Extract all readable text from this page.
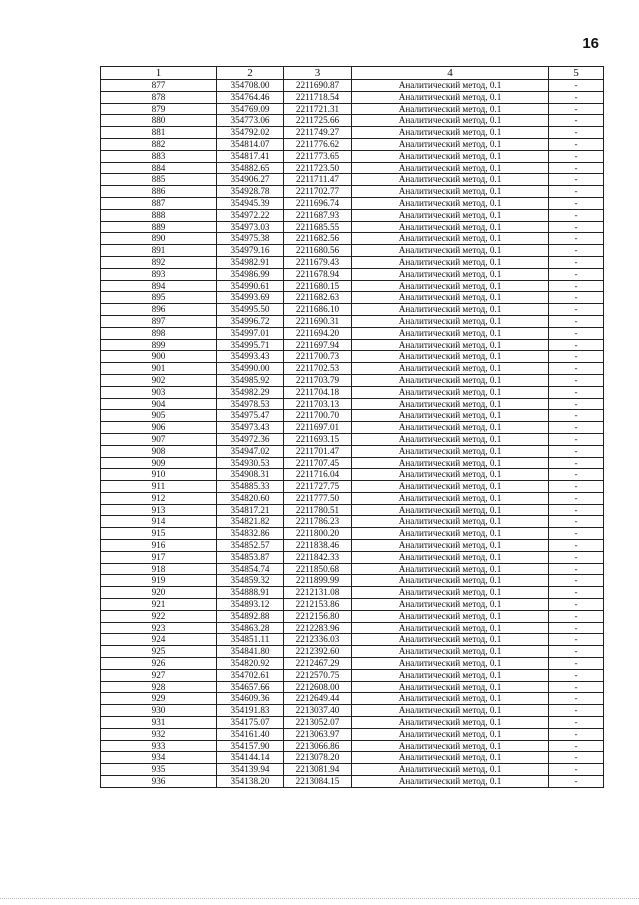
16
1	2	3	4	5
877	354708.00	2211690.87	Аналитический метод, 0.1	-
878	354764.46	2211718.54	Аналитический метод, 0.1	-
879	354769.09	2211721.31	Аналитический метод, 0.1	-
880	354773.06	2211725.66	Аналитический метод, 0.1	-
881	354792.02	2211749.27	Аналитический метод, 0.1	-
882	354814.07	2211776.62	Аналитический метод, 0.1	-
883	354817.41	2211773.65	Аналитический метод, 0.1	-
884	354882.65	2211723.50	Аналитический метод, 0.1	-
885	354906.27	2211711.47	Аналитический метод, 0.1	-
886	354928.78	2211702.77	Аналитический метод, 0.1	-
887	354945.39	2211696.74	Аналитический метод, 0.1	-
888	354972.22	2211687.93	Аналитический метод, 0.1	-
889	354973.03	2211685.55	Аналитический метод, 0.1	-
890	354975.38	2211682.56	Аналитический метод, 0.1	-
891	354979.16	2211680.56	Аналитический метод, 0.1	-
892	354982.91	2211679.43	Аналитический метод, 0.1	-
893	354986.99	2211678.94	Аналитический метод, 0.1	-
894	354990.61	2211680.15	Аналитический метод, 0.1	-
895	354993.69	2211682.63	Аналитический метод, 0.1	-
896	354995.50	2211686.10	Аналитический метод, 0.1	-
897	354996.72	2211690.31	Аналитический метод, 0.1	-
898	354997.01	2211694.20	Аналитический метод, 0.1	-
899	354995.71	2211697.94	Аналитический метод, 0.1	-
900	354993.43	2211700.73	Аналитический метод, 0.1	-
901	354990.00	2211702.53	Аналитический метод, 0.1	-
902	354985.92	2211703.79	Аналитический метод, 0.1	-
903	354982.29	2211704.18	Аналитический метод, 0.1	-
904	354978.53	2211703.13	Аналитический метод, 0.1	-
905	354975.47	2211700.70	Аналитический метод, 0.1	-
906	354973.43	2211697.01	Аналитический метод, 0.1	-
907	354972.36	2211693.15	Аналитический метод, 0.1	-
908	354947.02	2211701.47	Аналитический метод, 0.1	-
909	354930.53	2211707.45	Аналитический метод, 0.1	-
910	354908.31	2211716.04	Аналитический метод, 0.1	-
911	354885.33	2211727.75	Аналитический метод, 0.1	-
912	354820.60	2211777.50	Аналитический метод, 0.1	-
913	354817.21	2211780.51	Аналитический метод, 0.1	-
914	354821.82	2211786.23	Аналитический метод, 0.1	-
915	354832.86	2211800.20	Аналитический метод, 0.1	-
916	354852.57	2211838.46	Аналитический метод, 0.1	-
917	354853.87	2211842.33	Аналитический метод, 0.1	-
918	354854.74	2211850.68	Аналитический метод, 0.1	-
919	354859.32	2211899.99	Аналитический метод, 0.1	-
920	354888.91	2212131.08	Аналитический метод, 0.1	-
921	354893.12	2212153.86	Аналитический метод, 0.1	-
922	354892.88	2212156.80	Аналитический метод, 0.1	-
923	354863.28	2212283.96	Аналитический метод, 0.1	-
924	354851.11	2212336.03	Аналитический метод, 0.1	-
925	354841.80	2212392.60	Аналитический метод, 0.1	-
926	354820.92	2212467.29	Аналитический метод, 0.1	-
927	354702.61	2212570.75	Аналитический метод, 0.1	-
928	354657.66	2212608.00	Аналитический метод, 0.1	-
929	354609.36	2212649.44	Аналитический метод, 0.1	-
930	354191.83	2213037.40	Аналитический метод, 0.1	-
931	354175.07	2213052.07	Аналитический метод, 0.1	-
932	354161.40	2213063.97	Аналитический метод, 0.1	-
933	354157.90	2213066.86	Аналитический метод, 0.1	-
934	354144.14	2213078.20	Аналитический метод, 0.1	-
935	354139.94	2213081.94	Аналитический метод, 0.1	-
936	354138.20	2213084.15	Аналитический метод, 0.1	-
